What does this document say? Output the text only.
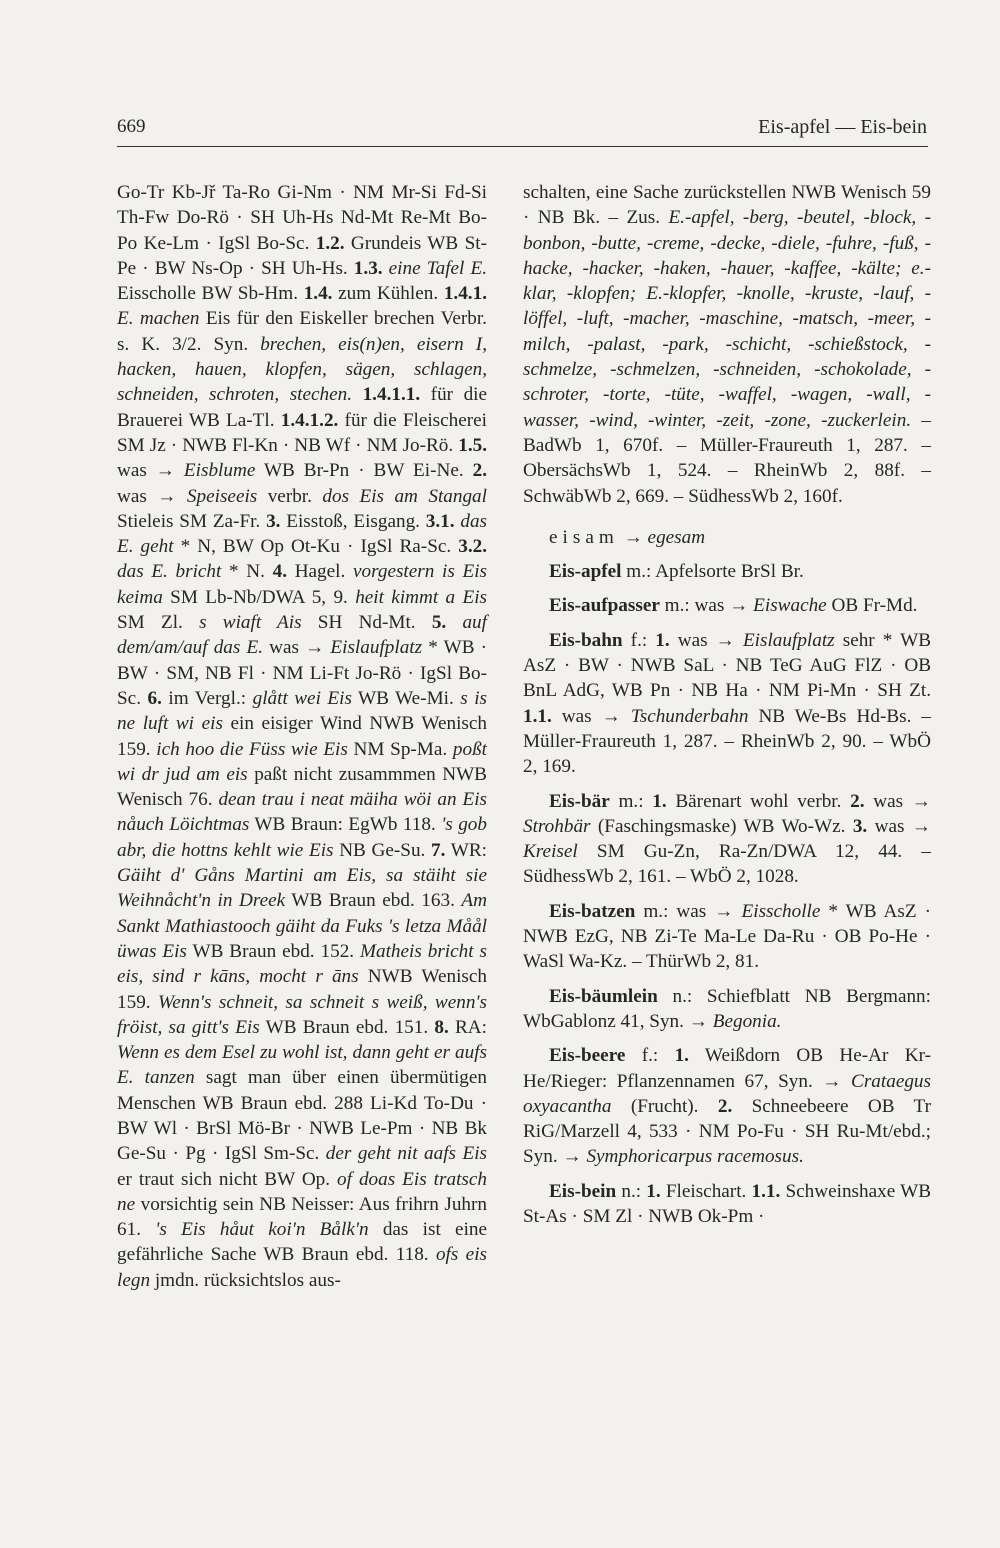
669	Eis-apfel — Eis-bein

Go-Tr Kb-Jř Ta-Ro Gi-Nm · NM Mr-Si Fd-Si Th-Fw Do-Rö · SH Uh-Hs Nd-Mt Re-Mt Bo-Po Ke-Lm · IgSl Bo-Sc. 1.2. Grundeis WB St-Pe · BW Ns-Op · SH Uh-Hs. 1.3. eine Tafel E. Eisscholle BW Sb-Hm. 1.4. zum Kühlen. 1.4.1. E. machen Eis für den Eiskeller brechen Verbr. s. K. 3/2. Syn. brechen, eis(n)en, eisern I, hacken, hauen, klopfen, sägen, schlagen, schneiden, schroten, stechen. 1.4.1.1. für die Brauerei WB La-Tl. 1.4.1.2. für die Fleischerei SM Jz · NWB Fl-Kn · NB Wf · NM Jo-Rö. 1.5. was → Eisblume WB Br-Pn · BW Ei-Ne. 2. was → Speiseeis verbr. dos Eis am Stangal Stieleis SM Za-Fr. 3. Eisstoß, Eisgang. 3.1. das E. geht * N, BW Op Ot-Ku · IgSl Ra-Sc. 3.2. das E. bricht * N. 4. Hagel. vorgestern is Eis keima SM Lb-Nb/DWA 5, 9. heit kimmt a Eis SM Zl. s wiaft Ais SH Nd-Mt. 5. auf dem/am/auf das E. was → Eislaufplatz * WB · BW · SM, NB Fl · NM Li-Ft Jo-Rö · IgSl Bo-Sc. 6. im Vergl.: glått wei Eis WB We-Mi. s is ne luft wi eis ein eisiger Wind NWB Wenisch 159. ich hoo die Füss wie Eis NM Sp-Ma. poßt wi dr jud am eis paßt nicht zusammmen NWB Wenisch 76. dean trau i neat mäiha wöi an Eis nåuch Löichtmas WB Braun: EgWb 118. 's gob abr, die hottns kehlt wie Eis NB Ge-Su. 7. WR: Gäiht d' Gåns Martini am Eis, sa stäiht sie Weihnåcht'n in Dreek WB Braun ebd. 163. Am Sankt Mathiastooch gäiht da Fuks 's letza Måål üwas Eis WB Braun ebd. 152. Matheis bricht s eis, sind r kāns, mocht r āns NWB Wenisch 159. Wenn's schneit, sa schneit s weiß, wenn's fröist, sa gitt's Eis WB Braun ebd. 151. 8. RA: Wenn es dem Esel zu wohl ist, dann geht er aufs E. tanzen sagt man über einen übermütigen Menschen WB Braun ebd. 288 Li-Kd To-Du · BW Wl · BrSl Mö-Br · NWB Le-Pm · NB Bk Ge-Su · Pg · IgSl Sm-Sc. der geht nit aafs Eis er traut sich nicht BW Op. of doas Eis tratsch ne vorsichtig sein NB Neisser: Aus frihrn Juhrn 61. 's Eis håut koi'n Bålk'n das ist eine gefährliche Sache WB Braun ebd. 118. ofs eis legn jmdn. rücksichtslos aus-

schalten, eine Sache zurückstellen NWB Wenisch 59 · NB Bk. – Zus. E.-apfel, -berg, -beutel, -block, -bonbon, -butte, -creme, -decke, -diele, -fuhre, -fuß, -hacke, -hacker, -haken, -hauer, -kaffee, -kälte; e.-klar, -klopfen; E.-klopfer, -knolle, -kruste, -lauf, -löffel, -luft, -macher, -maschine, -matsch, -meer, -milch, -palast, -park, -schicht, -schießstock, -schmelze, -schmelzen, -schneiden, -schokolade, -schroter, -torte, -tüte, -waffel, -wagen, -wall, -wasser, -wind, -winter, -zeit, -zone, -zuckerlein. – BadWb 1, 670f. – Müller-Fraureuth 1, 287. – ObersächsWb 1, 524. – RheinWb 2, 88f. – SchwäbWb 2, 669. – SüdhessWb 2, 160f.

eisam → egesam

Eis-apfel m.: Apfelsorte BrSl Br.

Eis-aufpasser m.: was → Eiswache OB Fr-Md.

Eis-bahn f.: 1. was → Eislaufplatz sehr * WB AsZ · BW · NWB SaL · NB TeG AuG FlZ · OB BnL AdG, WB Pn · NB Ha · NM Pi-Mn · SH Zt. 1.1. was → Tschunderbahn NB We-Bs Hd-Bs. – Müller-Fraureuth 1, 287. – RheinWb 2, 90. – WbÖ 2, 169.

Eis-bär m.: 1. Bärenart wohl verbr. 2. was → Strohbär (Faschingsmaske) WB Wo-Wz. 3. was → Kreisel SM Gu-Zn, Ra-Zn/DWA 12, 44. – SüdhessWb 2, 161. – WbÖ 2, 1028.

Eis-batzen m.: was → Eisscholle * WB AsZ · NWB EzG, NB Zi-Te Ma-Le Da-Ru · OB Po-He · WaSl Wa-Kz. – ThürWb 2, 81.

Eis-bäumlein n.: Schiefblatt NB Bergmann: WbGablonz 41, Syn. → Begonia.

Eis-beere f.: 1. Weißdorn OB He-Ar Kr-He/Rieger: Pflanzennamen 67, Syn. → Crataegus oxyacantha (Frucht). 2. Schneebeere OB Tr RiG/Marzell 4, 533 · NM Po-Fu · SH Ru-Mt/ebd.; Syn. → Symphoricarpus racemosus.

Eis-bein n.: 1. Fleischart. 1.1. Schweinshaxe WB St-As · SM Zl · NWB Ok-Pm ·
